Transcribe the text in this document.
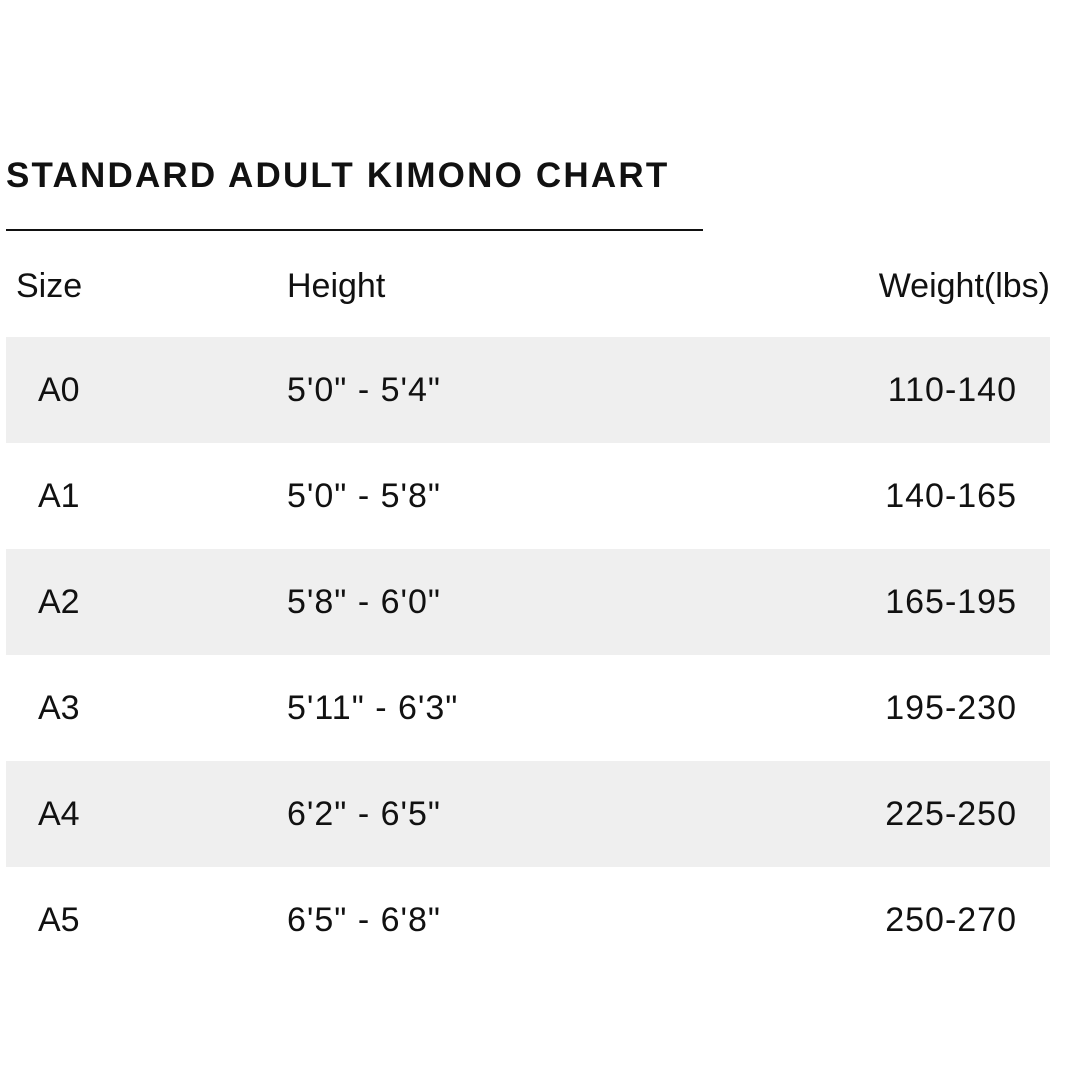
STANDARD ADULT KIMONO CHART
Size	Height	Weight(lbs)
A0	5'0" - 5'4"	110-140
A1	5'0" - 5'8"	140-165
A2	5'8" - 6'0"	165-195
A3	5'11" - 6'3"	195-230
A4	6'2" - 6'5"	225-250
A5	6'5" - 6'8"	250-270
